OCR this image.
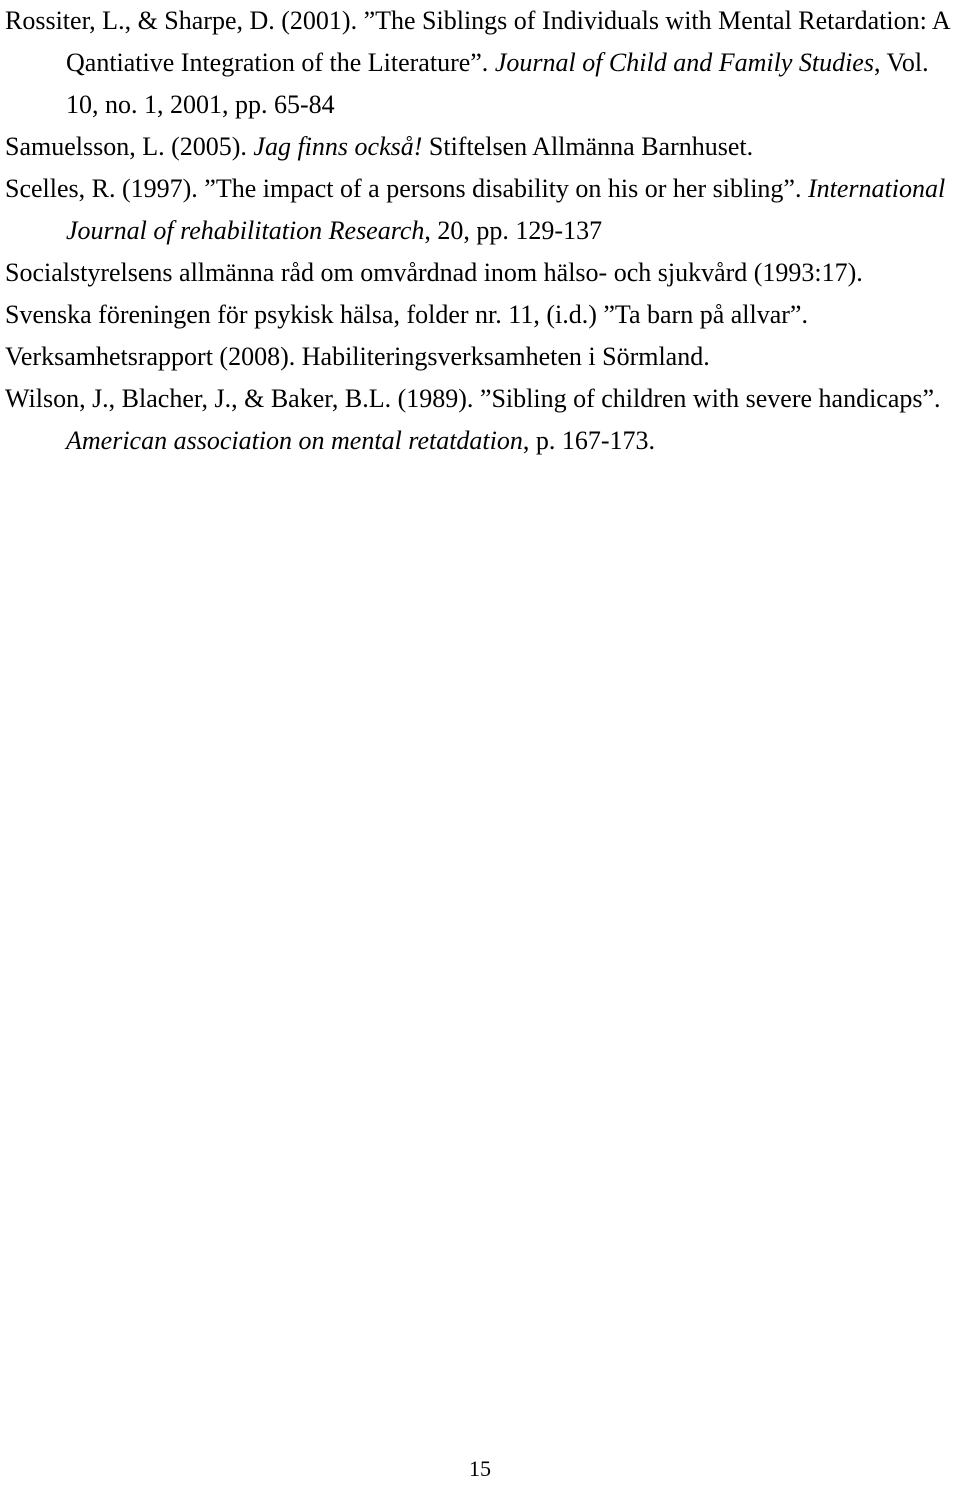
Rossiter, L., & Sharpe, D. (2001). ”The Siblings of Individuals with Mental Retardation: A Qantiative Integration of the Literature”. Journal of Child and Family Studies, Vol. 10, no. 1, 2001, pp. 65-84

Samuelsson, L. (2005). Jag finns också! Stiftelsen Allmänna Barnhuset.

Scelles, R. (1997). ”The impact of a persons disability on his or her sibling”. International Journal of rehabilitation Research, 20, pp. 129-137

Socialstyrelsens allmänna råd om omvårdnad inom hälso- och sjukvård (1993:17).

Svenska föreningen för psykisk hälsa, folder nr. 11, (i.d.) ”Ta barn på allvar”.

Verksamhetsrapport (2008). Habiliteringsverksamheten i Sörmland.

Wilson, J., Blacher, J., & Baker, B.L. (1989). ”Sibling of children with severe handicaps”. American association on mental retatdation, p. 167-173.

15
